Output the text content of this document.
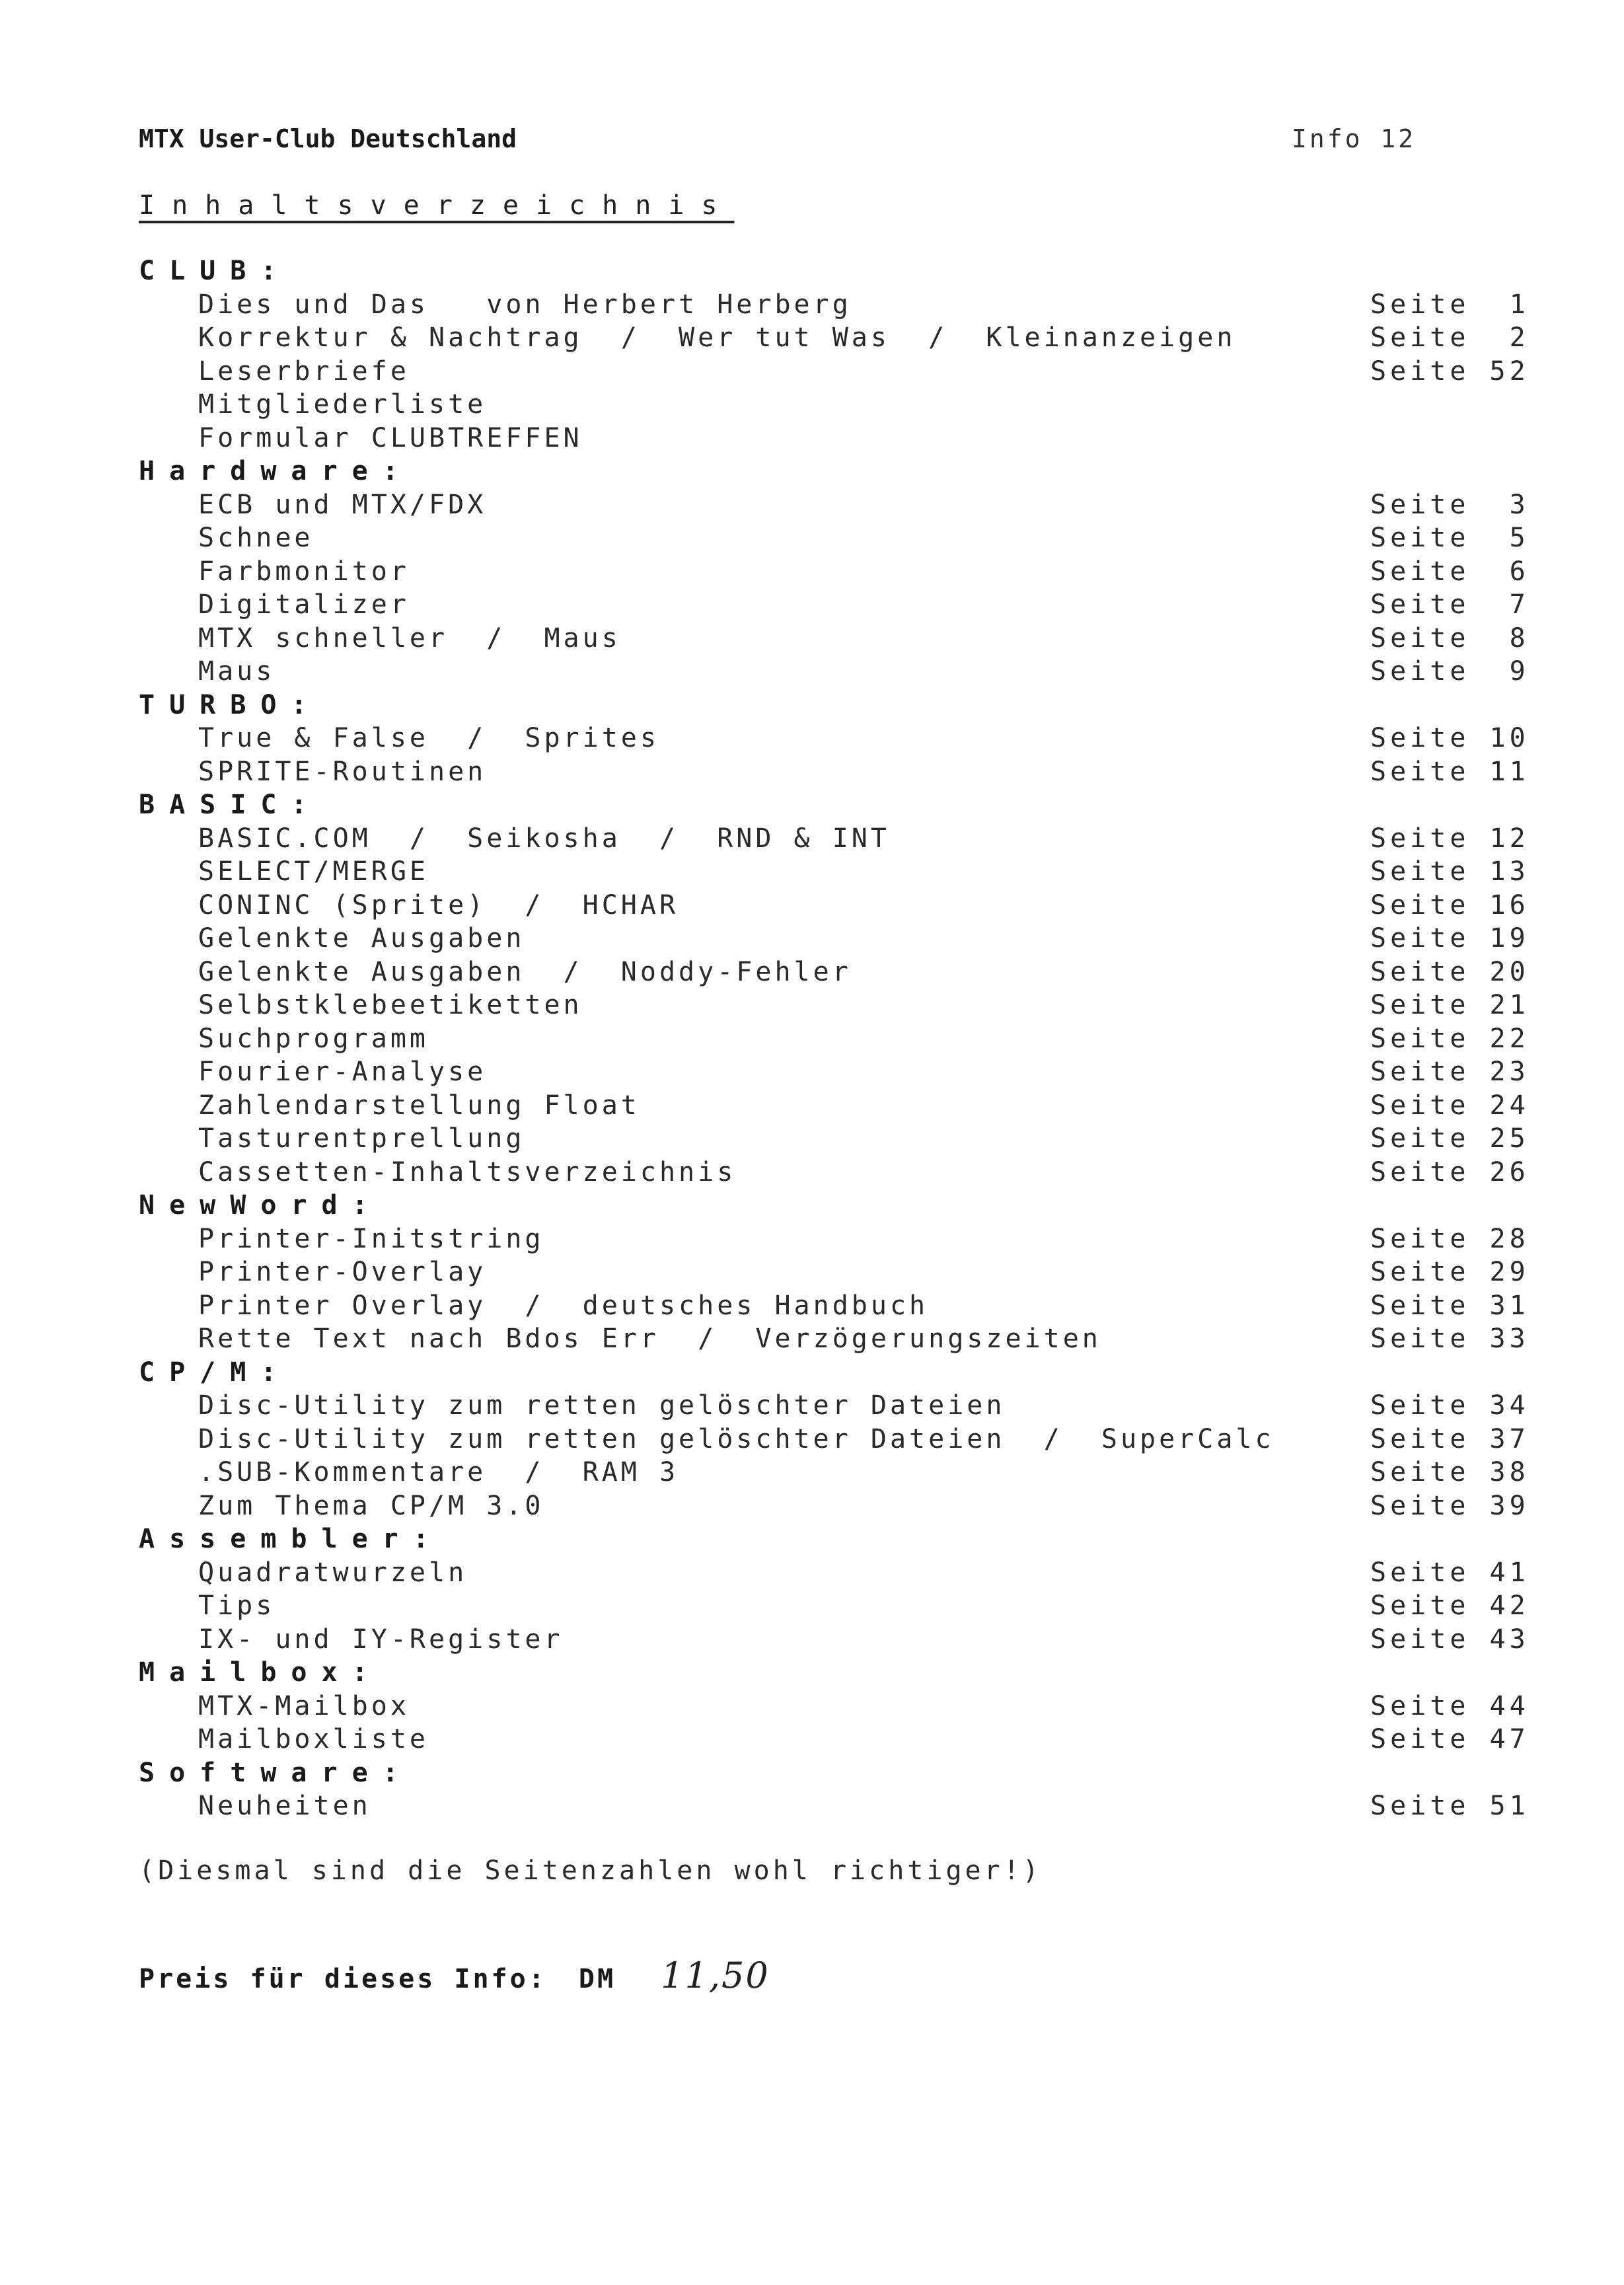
MTX User-Club Deutschland	Info 12
Inhaltsverzeichnis
CLUB:
Dies und Das   von Herbert Herberg	Seite  1
Korrektur & Nachtrag  /  Wer tut Was  /  Kleinanzeigen	Seite  2
Leserbriefe	Seite 52
Mitgliederliste
Formular CLUBTREFFEN
Hardware:
ECB und MTX/FDX	Seite  3
Schnee	Seite  5
Farbmonitor	Seite  6
Digitalizer	Seite  7
MTX schneller  /  Maus	Seite  8
Maus	Seite  9
TURBO:
True & False  /  Sprites	Seite 10
SPRITE-Routinen	Seite 11
BASIC:
BASIC.COM  /  Seikosha  /  RND & INT	Seite 12
SELECT/MERGE	Seite 13
CONINC (Sprite)  /  HCHAR	Seite 16
Gelenkte Ausgaben	Seite 19
Gelenkte Ausgaben  /  Noddy-Fehler	Seite 20
Selbstklebeetiketten	Seite 21
Suchprogramm	Seite 22
Fourier-Analyse	Seite 23
Zahlendarstellung Float	Seite 24
Tasturentprellung	Seite 25
Cassetten-Inhaltsverzeichnis	Seite 26
NewWord:
Printer-Initstring	Seite 28
Printer-Overlay	Seite 29
Printer Overlay  /  deutsches Handbuch	Seite 31
Rette Text nach Bdos Err  /  Verzögerungszeiten	Seite 33
CP/M:
Disc-Utility zum retten gelöschter Dateien	Seite 34
Disc-Utility zum retten gelöschter Dateien  /  SuperCalc	Seite 37
.SUB-Kommentare  /  RAM 3	Seite 38
Zum Thema CP/M 3.0	Seite 39
Assembler:
Quadratwurzeln	Seite 41
Tips	Seite 42
IX- und IY-Register	Seite 43
Mailbox:
MTX-Mailbox	Seite 44
Mailboxliste	Seite 47
Software:
Neuheiten	Seite 51
(Diesmal sind die Seitenzahlen wohl richtiger!)
Preis für dieses Info: DM 11,50
